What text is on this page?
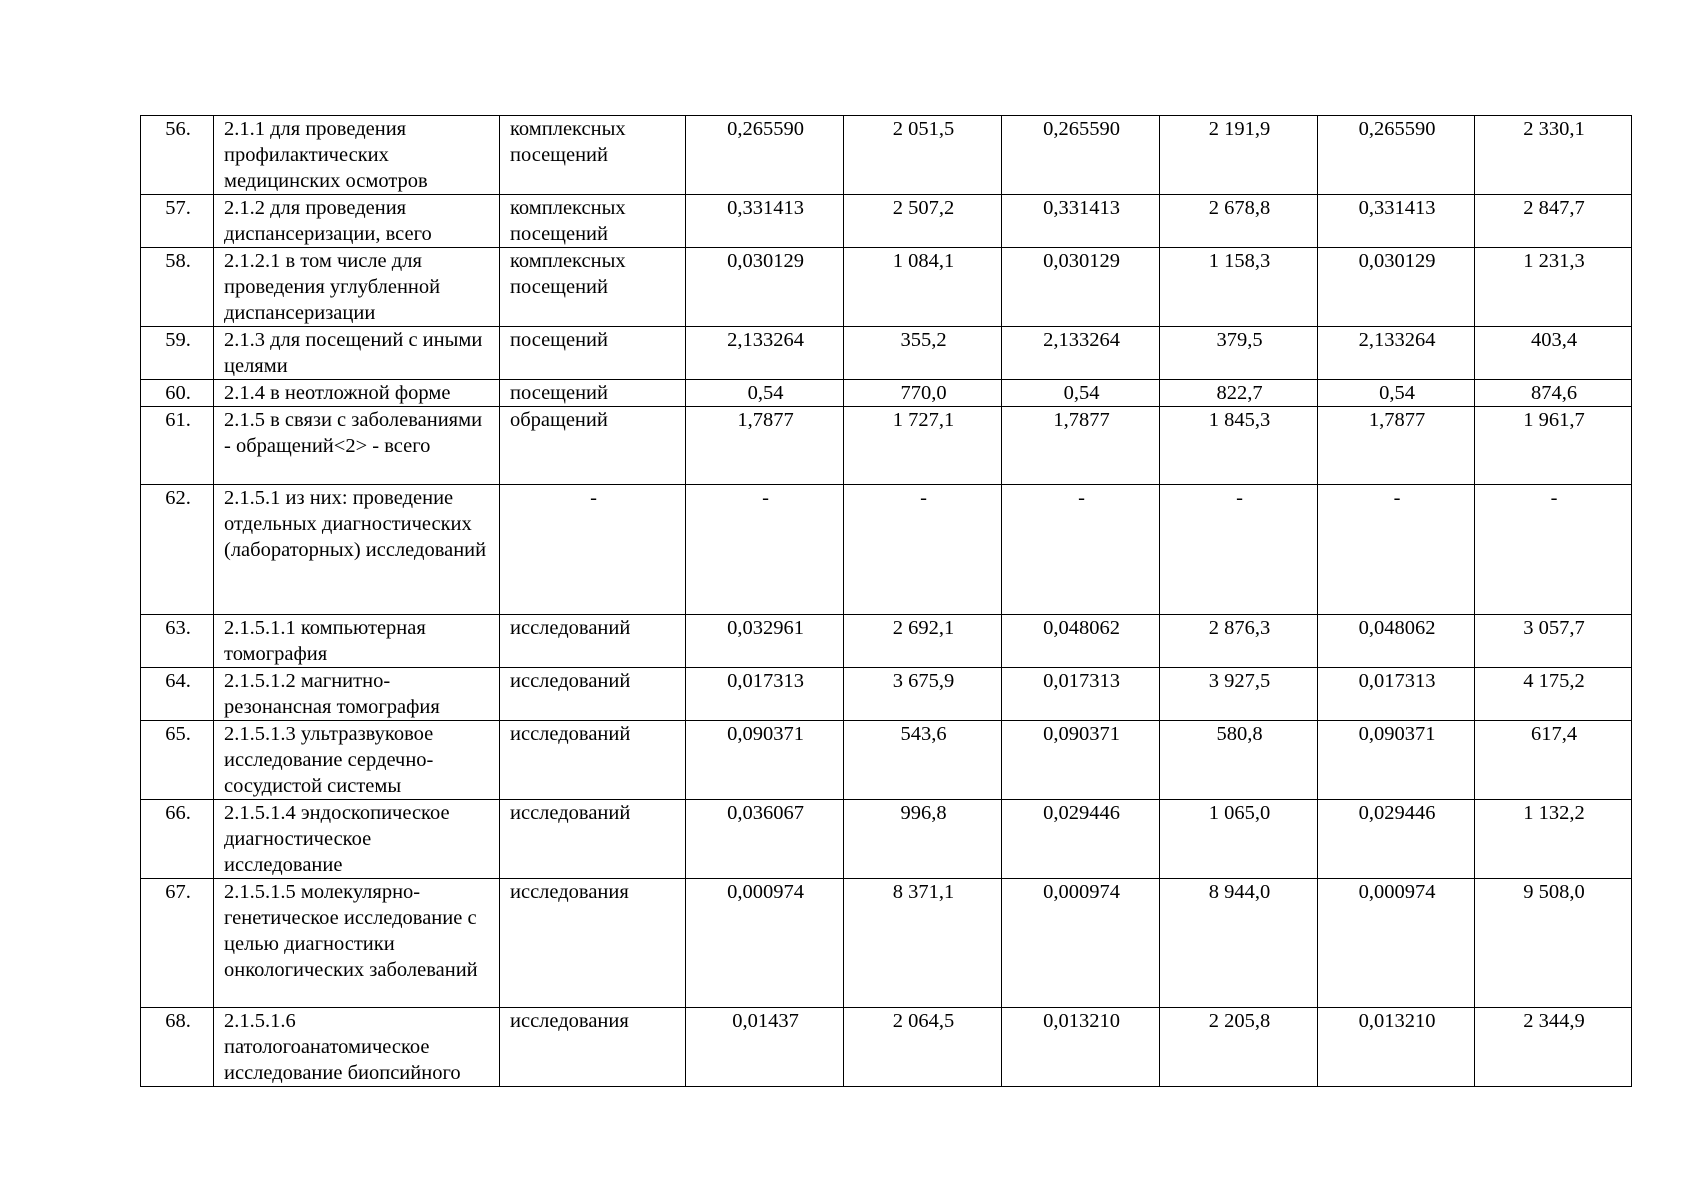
56.	2.1.1 для проведения профилактических медицинских осмотров	комплексных посещений	0,265590	2 051,5	0,265590	2 191,9	0,265590	2 330,1
57.	2.1.2 для проведения диспансеризации, всего	комплексных посещений	0,331413	2 507,2	0,331413	2 678,8	0,331413	2 847,7
58.	2.1.2.1 в том числе для проведения углубленной диспансеризации	комплексных посещений	0,030129	1 084,1	0,030129	1 158,3	0,030129	1 231,3
59.	2.1.3 для посещений с иными целями	посещений	2,133264	355,2	2,133264	379,5	2,133264	403,4
60.	2.1.4 в неотложной форме	посещений	0,54	770,0	0,54	822,7	0,54	874,6
61.	2.1.5 в связи с заболеваниями - обращений<2> - всего	обращений	1,7877	1 727,1	1,7877	1 845,3	1,7877	1 961,7
62.	2.1.5.1 из них: проведение отдельных диагностических (лабораторных) исследований	-	-	-	-	-	-	-
63.	2.1.5.1.1 компьютерная томография	исследований	0,032961	2 692,1	0,048062	2 876,3	0,048062	3 057,7
64.	2.1.5.1.2 магнитно-резонансная томография	исследований	0,017313	3 675,9	0,017313	3 927,5	0,017313	4 175,2
65.	2.1.5.1.3 ультразвуковое исследование сердечно-сосудистой системы	исследований	0,090371	543,6	0,090371	580,8	0,090371	617,4
66.	2.1.5.1.4 эндоскопическое диагностическое исследование	исследований	0,036067	996,8	0,029446	1 065,0	0,029446	1 132,2
67.	2.1.5.1.5 молекулярно-генетическое исследование с целью диагностики онкологических заболеваний	исследования	0,000974	8 371,1	0,000974	8 944,0	0,000974	9 508,0
68.	2.1.5.1.6 патологоанатомическое исследование биопсийного	исследования	0,01437	2 064,5	0,013210	2 205,8	0,013210	2 344,9
